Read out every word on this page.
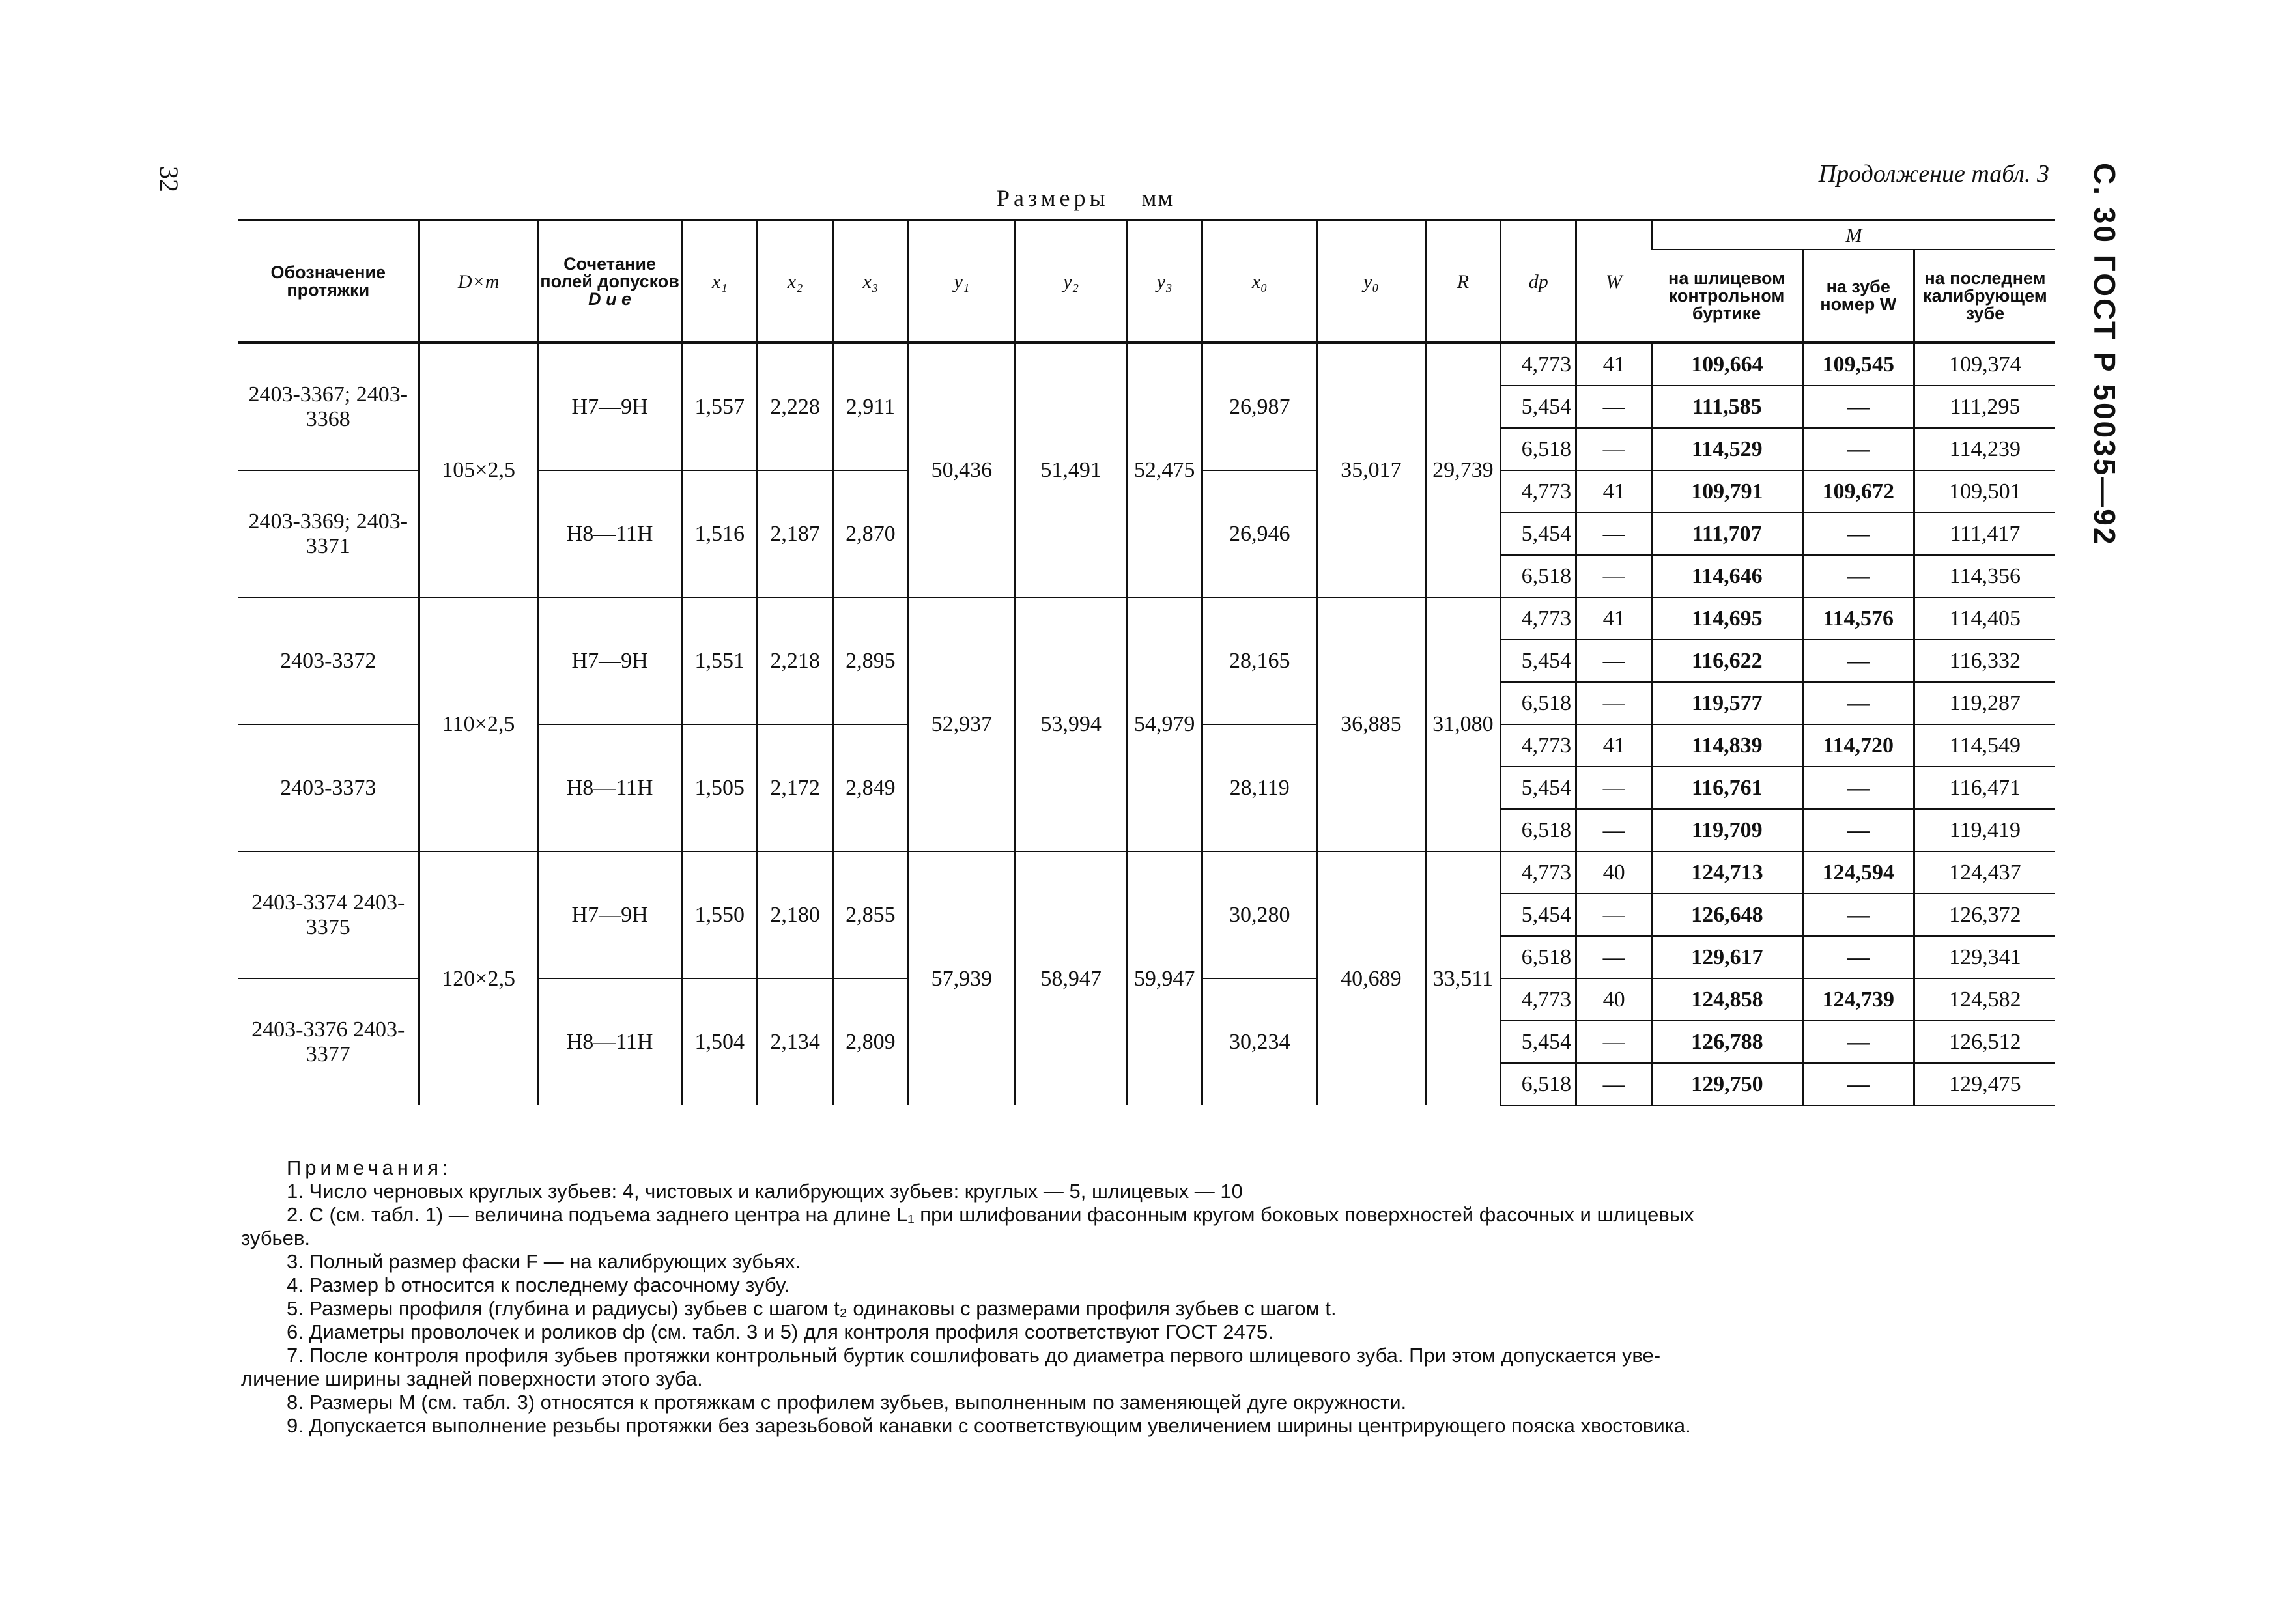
32	С. 30 ГОСТ Р 50035—92
Продолжение табл. 3
Размеры мм
Обозначение протяжки	D×m	Сочетание полей допусков
D и e	x₁	x₂	x₃	y₁	y₂	y₃	x₀	y₀	R	dp	W	M		
														на шлицевом контрольном буртике	на зубе номер W	на последнем калибрующем зубе
2403-3367; 2403-3368	105×2,5	H7—9H	1,557	2,228	2,911	50,436	51,491	52,475	26,987	35,017	29,739	4,773	41	109,664	109,545	109,374
												5,454	—	111,585	—	111,295
												6,518	—	114,529	—	114,239
2403-3369; 2403-3371		H8—11H	1,516	2,187	2,870				26,946			4,773	41	109,791	109,672	109,501
												5,454	—	111,707	—	111,417
												6,518	—	114,646	—	114,356
2403-3372	110×2,5	H7—9H	1,551	2,218	2,895	52,937	53,994	54,979	28,165	36,885	31,080	4,773	41	114,695	114,576	114,405
												5,454	—	116,622	—	116,332
												6,518	—	119,577	—	119,287
2403-3373		H8—11H	1,505	2,172	2,849				28,119			4,773	41	114,839	114,720	114,549
												5,454	—	116,761	—	116,471
												6,518	—	119,709	—	119,419
2403-3374 2403-3375	120×2,5	H7—9H	1,550	2,180	2,855	57,939	58,947	59,947	30,280	40,689	33,511	4,773	40	124,713	124,594	124,437
												5,454	—	126,648	—	126,372
												6,518	—	129,617	—	129,341
2403-3376 2403-3377		H8—11H	1,504	2,134	2,809				30,234			4,773	40	124,858	124,739	124,582
												5,454	—	126,788	—	126,512
												6,518	—	129,750	—	129,475
Примечания:
1. Число черновых круглых зубьев: 4, чистовых и калибрующих зубьев: круглых — 5, шлицевых — 10
2. C (см. табл. 1) — величина подъема заднего центра на длине L₁ при шлифовании фасонным кругом боковых поверхностей фасочных и шлицевых
зубьев.
3. Полный размер фаски F — на калибрующих зубьях.
4. Размер b относится к последнему фасочному зубу.
5. Размеры профиля (глубина и радиусы) зубьев с шагом t₂ одинаковы с размерами профиля зубьев с шагом t.
6. Диаметры проволочек и роликов dp (см. табл. 3 и 5) для контроля профиля соответствуют ГОСТ 2475.
7. После контроля профиля зубьев протяжки контрольный буртик сошлифовать до диаметра первого шлицевого зуба. При этом допускается уве-
личение ширины задней поверхности этого зуба.
8. Размеры M (см. табл. 3) относятся к протяжкам с профилем зубьев, выполненным по заменяющей дуге окружности.
9. Допускается выполнение резьбы протяжки без зарезьбовой канавки с соответствующим увеличением ширины центрирующего пояска хвостовика.
